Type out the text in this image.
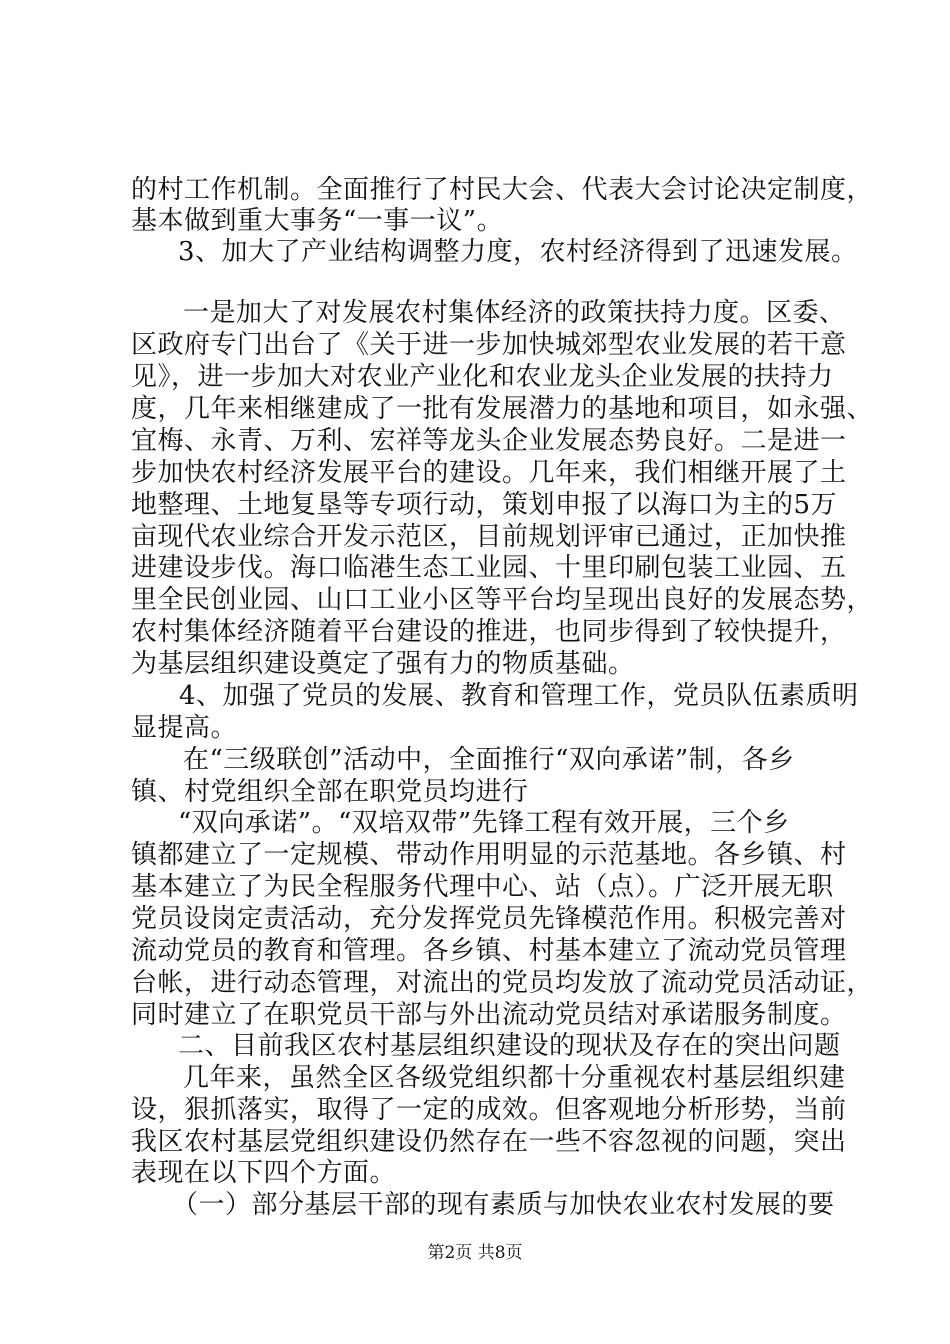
的村工作机制。全面推行了村民大会、代表大会讨论决定制度，
基本做到重大事务“一事一议”。
3、加大了产业结构调整力度，农村经济得到了迅速发展。
一是加大了对发展农村集体经济的政策扶持力度。区委、
区政府专门出台了《关于进一步加快城郊型农业发展的若干意
见》，进一步加大对农业产业化和农业龙头企业发展的扶持力
度，几年来相继建成了一批有发展潜力的基地和项目，如永强、
宜梅、永青、万利、宏祥等龙头企业发展态势良好。二是进一
步加快农村经济发展平台的建设。几年来，我们相继开展了土
地整理、土地复垦等专项行动，策划申报了以海口为主的5万
亩现代农业综合开发示范区，目前规划评审已通过，正加快推
进建设步伐。海口临港生态工业园、十里印刷包装工业园、五
里全民创业园、山口工业小区等平台均呈现出良好的发展态势，
农村集体经济随着平台建设的推进，也同步得到了较快提升，
为基层组织建设奠定了强有力的物质基础。
4、加强了党员的发展、教育和管理工作，党员队伍素质明
显提高。
在“三级联创”活动中，全面推行“双向承诺”制，各乡
镇、村党组织全部在职党员均进行
“双向承诺”。“双培双带”先锋工程有效开展，三个乡
镇都建立了一定规模、带动作用明显的示范基地。各乡镇、村
基本建立了为民全程服务代理中心、站（点）。广泛开展无职
党员设岗定责活动，充分发挥党员先锋模范作用。积极完善对
流动党员的教育和管理。各乡镇、村基本建立了流动党员管理
台帐，进行动态管理，对流出的党员均发放了流动党员活动证，
同时建立了在职党员干部与外出流动党员结对承诺服务制度。
二、目前我区农村基层组织建设的现状及存在的突出问题
几年来，虽然全区各级党组织都十分重视农村基层组织建
设，狠抓落实，取得了一定的成效。但客观地分析形势，当前
我区农村基层党组织建设仍然存在一些不容忽视的问题，突出
表现在以下四个方面。
（一）部分基层干部的现有素质与加快农业农村发展的要
第2页 共8页
